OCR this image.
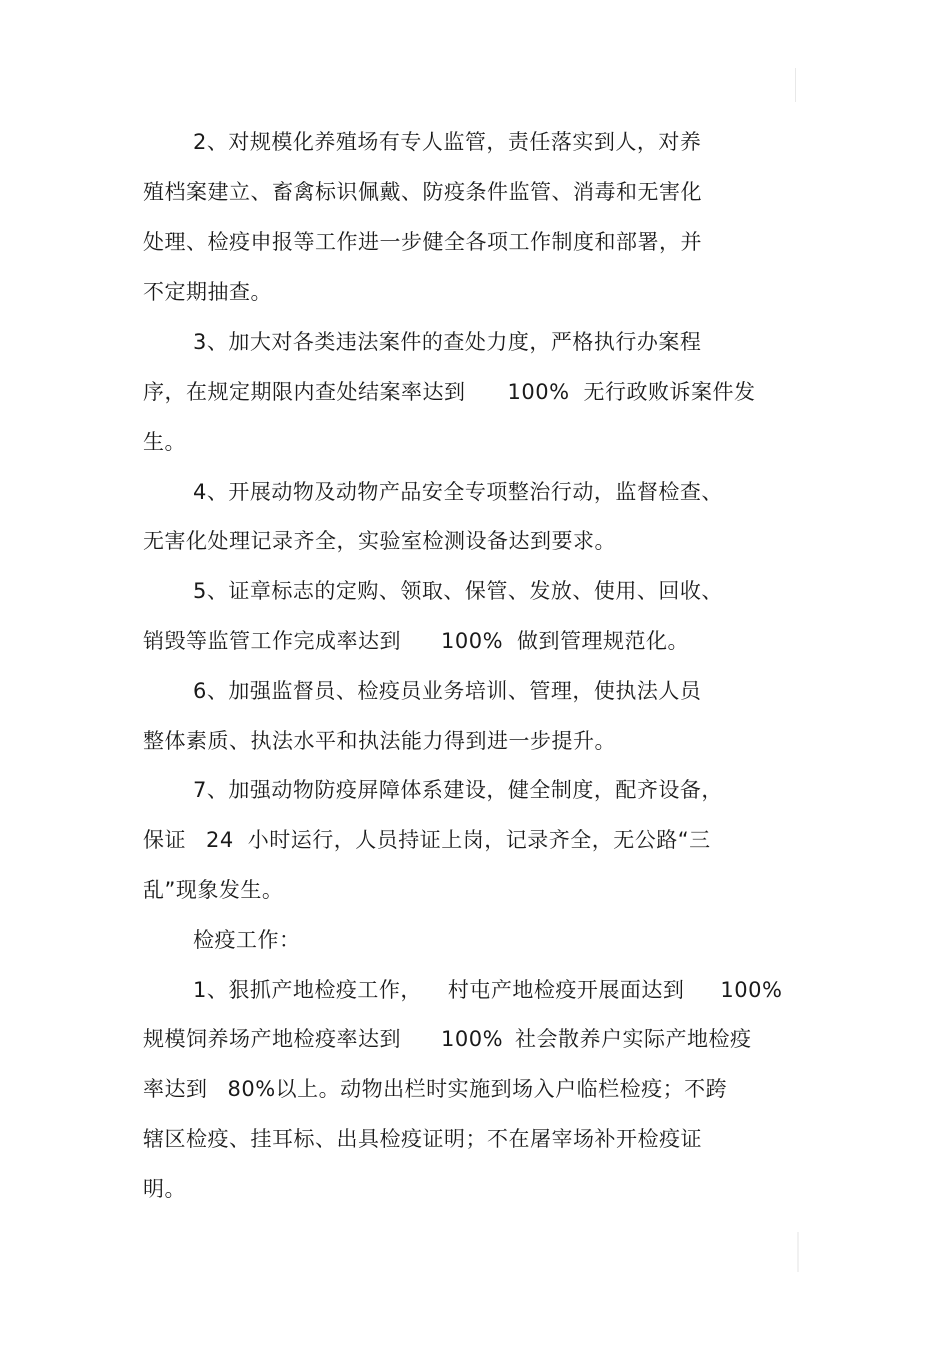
2、对规模化养殖场有专人监管，责任落实到人，对养
殖档案建立、畜禽标识佩戴、防疫条件监管、消毒和无害化
处理、检疫申报等工作进一步健全各项工作制度和部署，并
不定期抽查。
3、加大对各类违法案件的查处力度，严格执行办案程
序，在规定期限内查处结案率达到 100% 无行政败诉案件发
生。
4、开展动物及动物产品安全专项整治行动，监督检查、
无害化处理记录齐全，实验室检测设备达到要求。
5、证章标志的定购、领取、保管、发放、使用、回收、
销毁等监管工作完成率达到 100% 做到管理规范化。
6、加强监督员、检疫员业务培训、管理，使执法人员
整体素质、执法水平和执法能力得到进一步提升。
7、加强动物防疫屏障体系建设，健全制度，配齐设备，
保证 24 小时运行，人员持证上岗，记录齐全，无公路“三
乱”现象发生。
检疫工作：
1、狠抓产地检疫工作， 村屯产地检疫开展面达到 100%
规模饲养场产地检疫率达到 100% 社会散养户实际产地检疫
率达到 80%以上。动物出栏时实施到场入户临栏检疫；不跨
辖区检疫、挂耳标、出具检疫证明；不在屠宰场补开检疫证
明。
